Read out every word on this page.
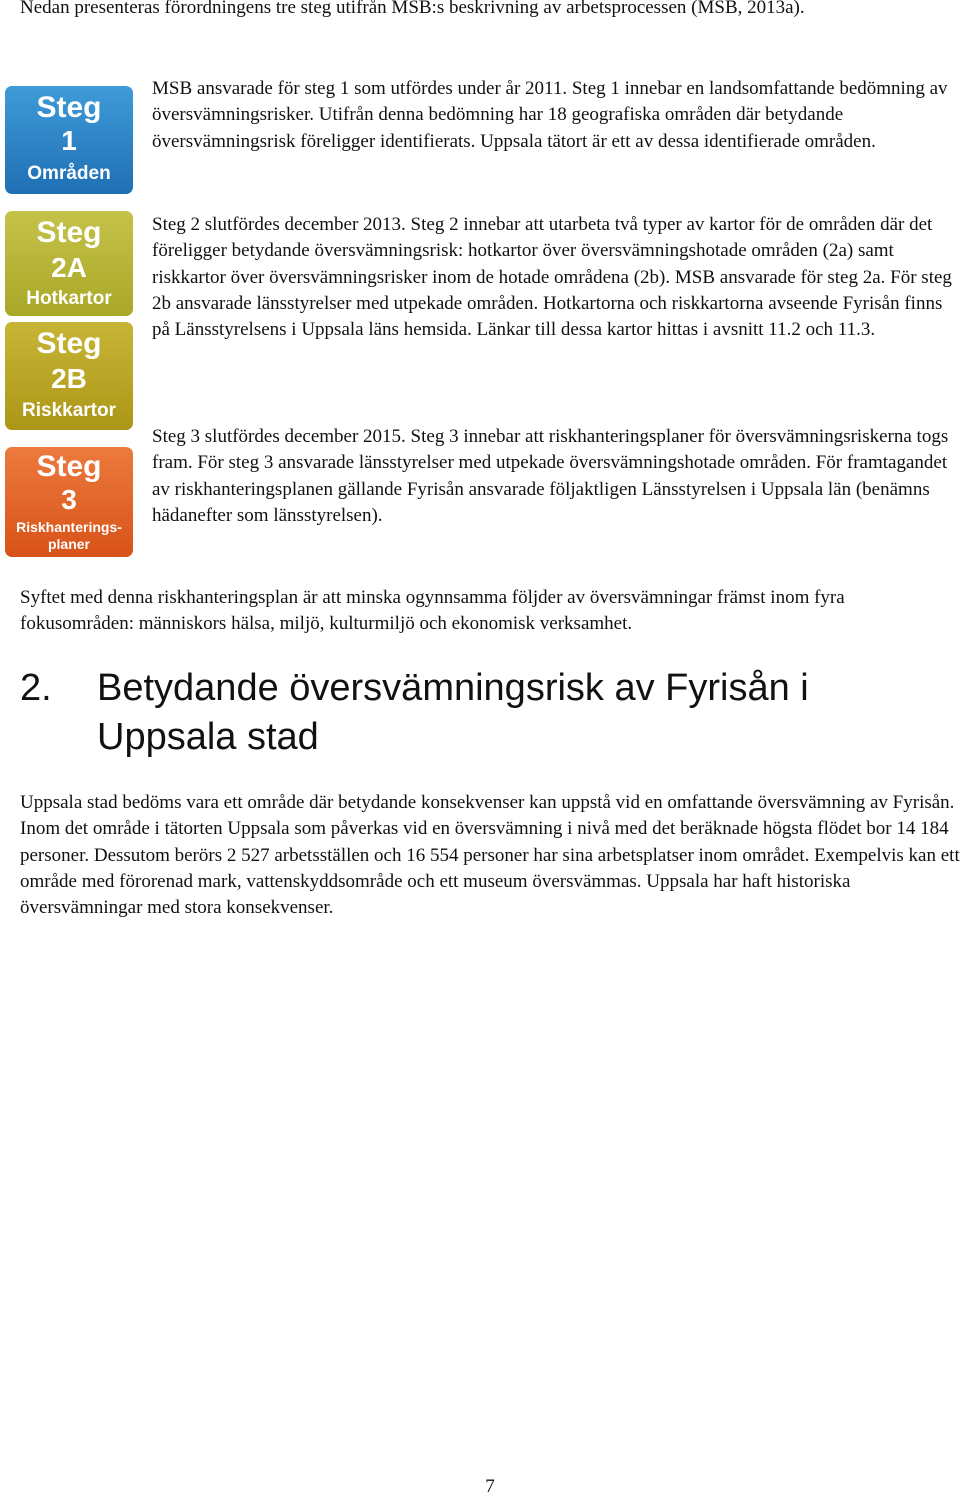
Nedan presenteras förordningens tre steg utifrån MSB:s beskrivning av arbetsprocessen (MSB, 2013a).

Steg
1
Områden
Steg
2A
Hotkartor
Steg
2B
Riskkartor
Steg
3
Riskhanterings-
planer

MSB ansvarade för steg 1 som utfördes under år 2011. Steg 1 innebar en landsomfattande bedömning av översvämningsrisker. Utifrån denna bedömning har 18 geografiska områden där betydande översvämningsrisk föreligger identifierats. Uppsala tätort är ett av dessa identifierade områden.

Steg 2 slutfördes december 2013. Steg 2 innebar att utarbeta två typer av kartor för de områden där det föreligger betydande översvämningsrisk: hotkartor över översvämningshotade områden (2a) samt riskkartor över översvämningsrisker inom de hotade områdena (2b). MSB ansvarade för steg 2a. För steg 2b ansvarade länsstyrelser med utpekade områden. Hotkartorna och riskkartorna avseende Fyrisån finns på Länsstyrelsens i Uppsala läns hemsida. Länkar till dessa kartor hittas i avsnitt 11.2 och 11.3.

Steg 3 slutfördes december 2015. Steg 3 innebar att riskhanteringsplaner för översvämningsriskerna togs fram. För steg 3 ansvarade länsstyrelser med utpekade översvämningshotade områden. För framtagandet av riskhanteringsplanen gällande Fyrisån ansvarade följaktligen Länsstyrelsen i Uppsala län (benämns hädanefter som länsstyrelsen).

Syftet med denna riskhanteringsplan är att minska ogynnsamma följder av översvämningar främst inom fyra fokusområden: människors hälsa, miljö, kulturmiljö och ekonomisk verksamhet.

2. Betydande översvämningsrisk av Fyrisån i Uppsala stad

Uppsala stad bedöms vara ett område där betydande konsekvenser kan uppstå vid en omfattande översvämning av Fyrisån. Inom det område i tätorten Uppsala som påverkas vid en översvämning i nivå med det beräknade högsta flödet bor 14 184 personer. Dessutom berörs 2 527 arbetsställen och 16 554 personer har sina arbetsplatser inom området. Exempelvis kan ett område med förorenad mark, vattenskyddsområde och ett museum översvämmas. Uppsala har haft historiska översvämningar med stora konsekvenser.

7
